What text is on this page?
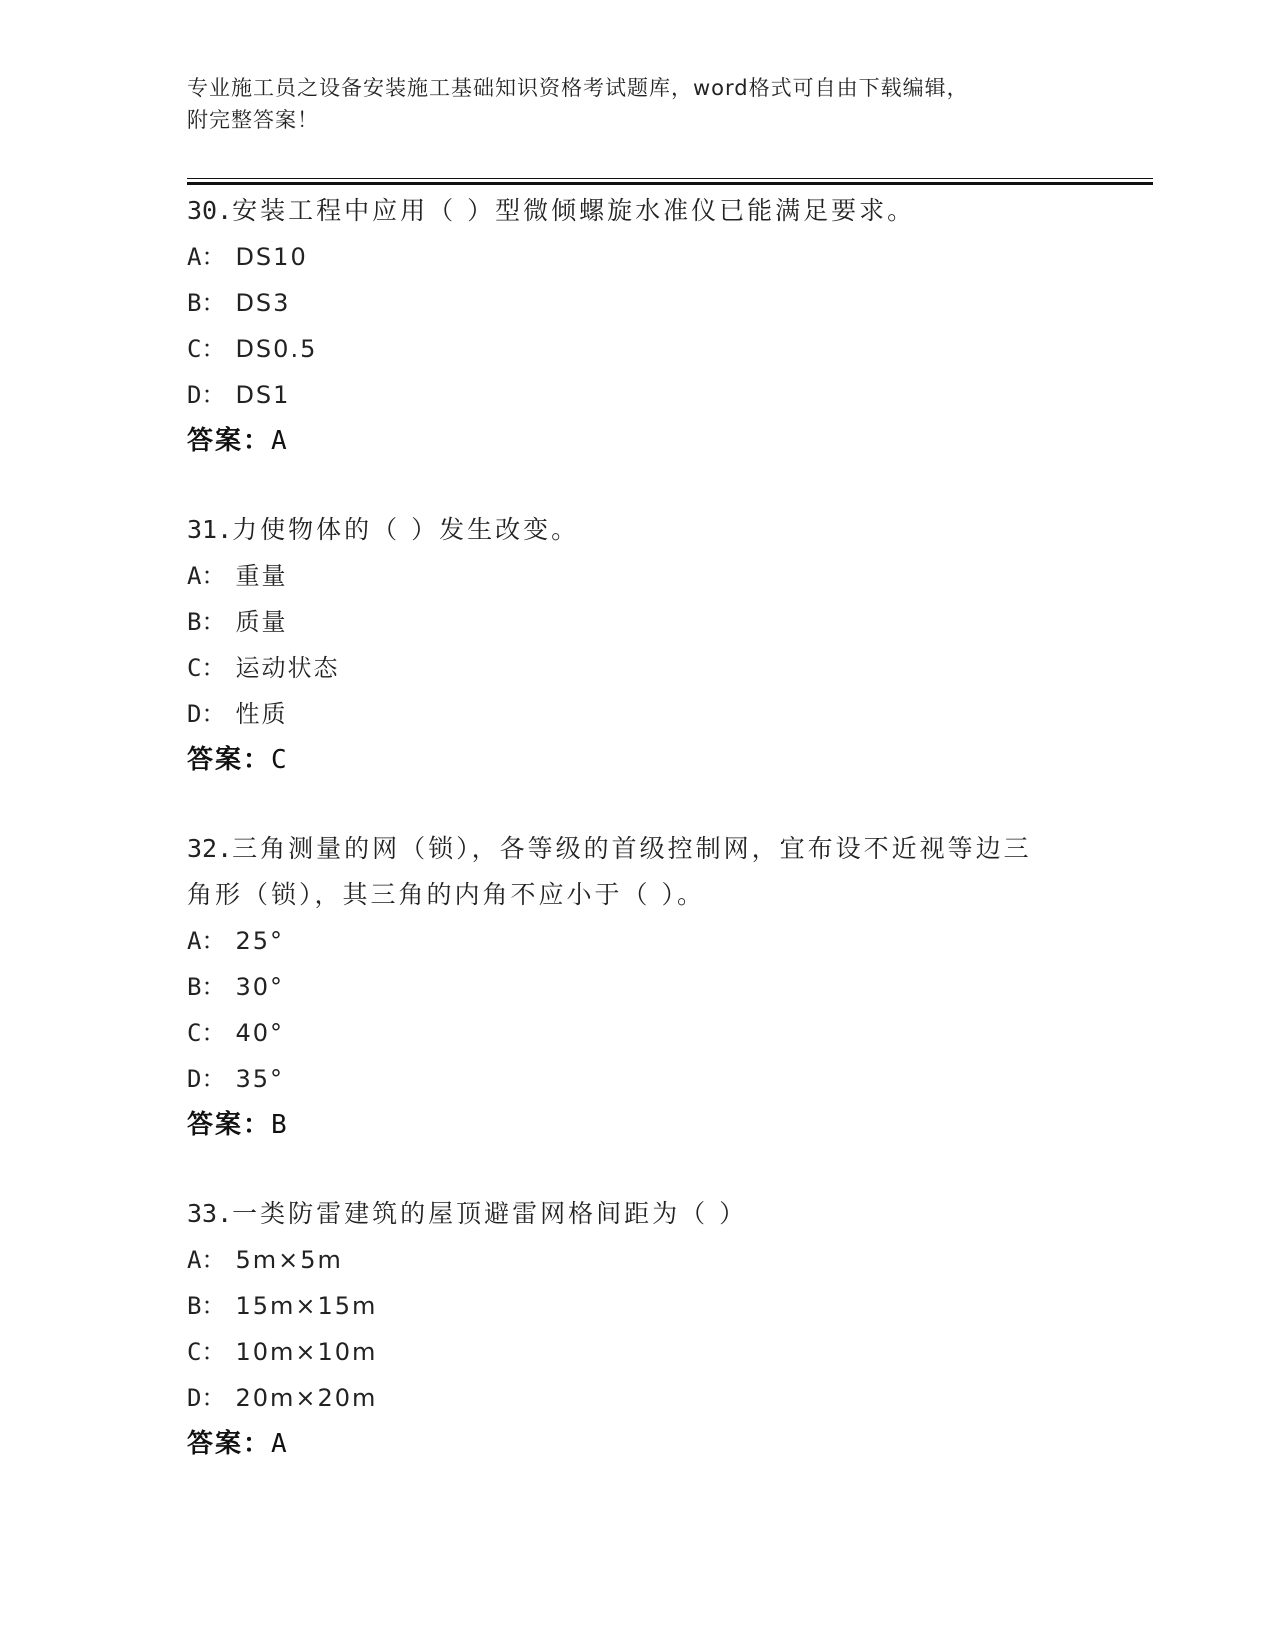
专业施工员之设备安装施工基础知识资格考试题库，word格式可自由下载编辑，
附完整答案！

30.安装工程中应用（ ）型微倾螺旋水准仪已能满足要求。

A： DS10

B： DS3

C： DS0.5

D： DS1

答案：A

31.力使物体的（ ）发生改变。

A： 重量

B： 质量

C： 运动状态

D： 性质

答案：C

32.三角测量的网（锁），各等级的首级控制网，宜布设不近视等边三

角形（锁），其三角的内角不应小于（ ）。

A： 25°

B： 30°

C： 40°

D： 35°

答案：B

33.一类防雷建筑的屋顶避雷网格间距为（ ）

A： 5m×5m

B： 15m×15m

C： 10m×10m

D： 20m×20m

答案：A
